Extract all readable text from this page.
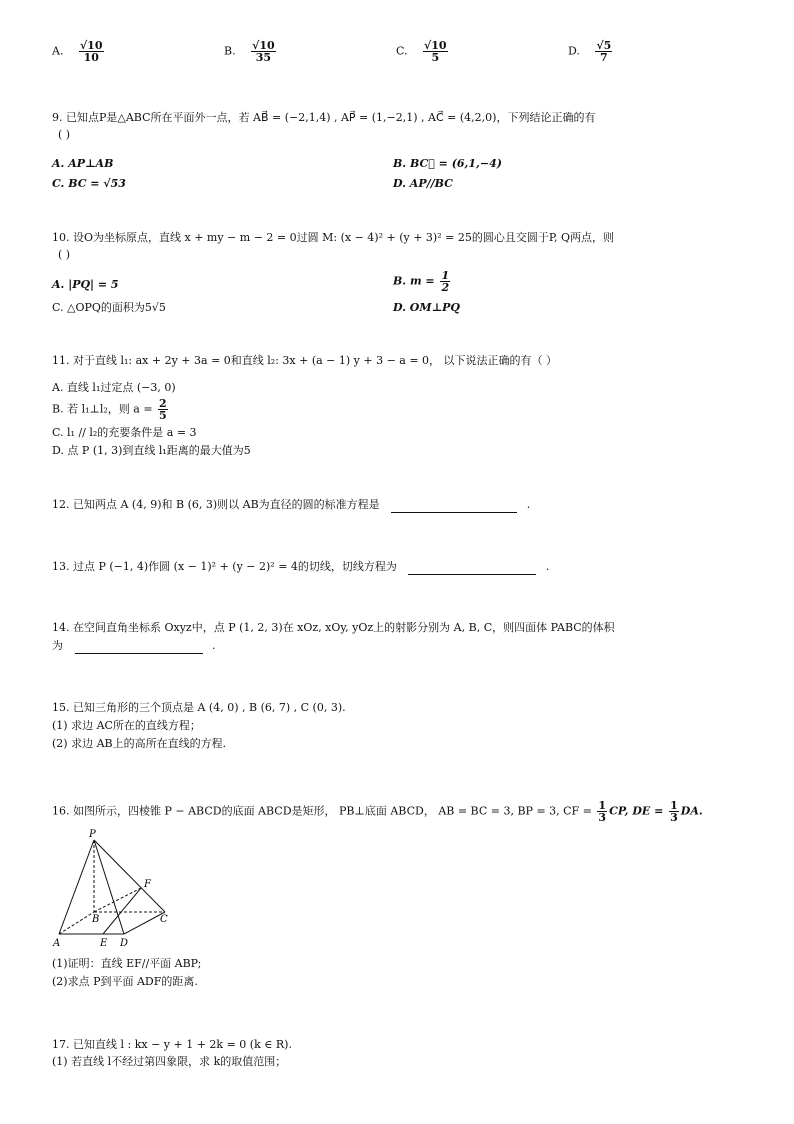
A. $\frac{√10}{10}$	B. $\frac{√10}{35}$	C. $\frac{√10}{5}$	D. $\frac{√5}{7}$
9. 已知点P是△ABC所在平面外一点，若 AB⃗ = (−2,1,4) , AP⃗ = (1,−2,1) , AC⃗ = (4,2,0)，下列结论正确的有
( )
A. AP⊥AB	B. BC⃗ = (6,1,−4)
C. BC = √53	D. AP//BC
10. 设O为坐标原点，直线 x + my − m − 2 = 0过圆 M: (x − 4)² + (y + 3)² = 25的圆心且交圆于P, Q两点，则
( )
A. |PQ| = 5	B. $m = \frac{1}{2}$
C. △OPQ的面积为5√5	D. OM⊥PQ
11. 对于直线 l₁: ax + 2y + 3a = 0和直线 l₂: 3x + (a − 1) y + 3 − a = 0， 以下说法正确的有（ ）
A. 直线 l₁过定点 (−3, 0)
B. 若 l₁⊥l₂，则 $a = \frac{2}{5}$
C. l₁ // l₂的充要条件是 a = 3
D. 点 P (1, 3)到直线 l₁距离的最大值为5
12. 已知两点 A (4, 9)和 B (6, 3)则以 AB为直径的圆的标准方程是	.
13. 过点 P (−1, 4)作圆 (x − 1)² + (y − 2)² = 4的切线，切线方程为	.
14. 在空间直角坐标系 Oxyz中，点 P (1, 2, 3)在 xOz, xOy, yOz上的射影分别为 A, B, C，则四面体 PABC的体积
为	.
15. 已知三角形的三个顶点是 A (4, 0) , B (6, 7) , C (0, 3).
(1) 求边 AC所在的直线方程；
(2) 求边 AB上的高所在直线的方程.
16. 如图所示，四棱锥 P − ABCD的底面 ABCD是矩形， PB⊥底面 ABCD， AB = BC = 3, BP = 3, CF = $\frac{1}{3}$ CP, DE = $\frac{1}{3}$ DA.
P
F
B	C
A	E D
(1)证明：直线 EF//平面 ABP;
(2)求点 P到平面 ADF的距离.
17. 已知直线 l : kx − y + 1 + 2k = 0 (k ∈ R).
(1) 若直线 l不经过第四象限，求 k的取值范围；
